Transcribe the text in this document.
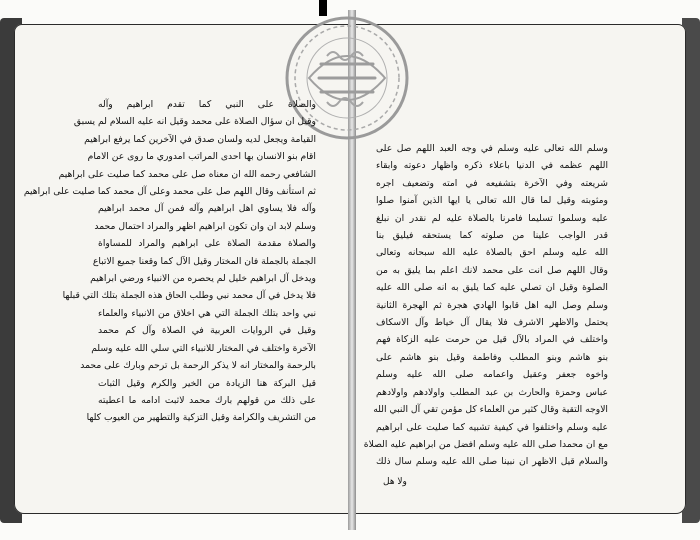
والصلاة على النبي كما تقدم ابراهيم وآله
وقيل ان سؤال الصلاة على محمد وقيل انه عليه السلام لم يسبق
القيامة ويجعل لديه ولسان صدق في الآخرين كما يرفع ابراهيم
اقام بنو الانسان بها احدى المراتب امدوري ما روى عن الامام
الشافعي رحمه الله ان معناه صل على محمد كما صليت على ابراهيم
ثم استأنف وقال اللهم صل على محمد وعلى آل محمد كما صليت على ابراهيم
وآله فلا يساوي اهل ابراهيم وآله فمن آل محمد ابراهيم
وسلم لابد ان وان تكون ابراهيم اظهر والمراد احتمال محمد
والصلاة مقدمة الصلاة على ابراهيم والمراد للمساواة
الجملة بالجملة فان المختار وقيل الآل كما وقعنا جميع الاتباع
ويدخل آل ابراهيم خليل لم يحصره من الانبياء ورضي ابراهيم
فلا يدخل في آل محمد نبي وطلب الحاق هذه الجملة بتلك التي قبلها
نبي واحد بتلك الجملة التي هي اخلاق من الانبياء والعلماء
وقيل في الروايات العربية في الصلاة وآل كم محمد
الآخرة واختلف في المختار للانبياء التي سلي الله عليه وسلم
بالرحمة والمختار انه لا يذكر الرحمة بل ترحم وبارك على محمد
قيل البركة هنا الزيادة من الخير والكرم وقيل الثبات
على ذلك من قولهم بارك محمد لاثبت ادامه ما اعطيته
من التشريف والكرامة وقيل التزكية والتطهير من العيوب كلها
وسلم الله تعالى عليه وسلم في وجه العبد اللهم صل على
اللهم عظمه في الدنيا باعلاء ذكره واظهار دعوته وابقاء
شريعته وفي الآخرة بتشفيعه في امته وتضعيف اجره
ومثوبته وقيل لما قال الله تعالى يا ايها الذين آمنوا صلوا
عليه وسلموا تسليما فامرنا بالصلاة عليه لم نقدر ان نبلغ
قدر الواجب علينا من صلوته كما يستحقه فيليق بنا
الله عليه وسلم احق بالصلاة عليه الله سبحانه وتعالى
وقال اللهم صل انت على محمد لانك اعلم بما يليق به من
الصلوة وقيل ان تصلي عليه كما يليق به انه صلى الله عليه
وسلم وصل اليه اهل قابوا الهادي هجرة ثم الهجرة الثانية
يحتمل والاظهر الاشرف فلا يقال آل خياط وآل الاسكاف
واختلف في المراد بالآل قيل من حرمت عليه الزكاة فهم
بنو هاشم وبنو المطلب وفاطمة وقيل بنو هاشم على
واخوه جعفر وعقيل واعمامه صلى الله عليه وسلم
عباس وحمزة والحارث بن عبد المطلب واولادهم واولادهم
الاوجه التقية وقال كثير من العلماء كل مؤمن تقي آل النبي الله
عليه وسلم واختلفوا في كيفية تشبيه كما صليت على ابراهيم
مع ان محمدا صلى الله عليه وسلم افضل من ابراهيم عليه الصلاة
والسلام قيل الاظهر ان نبينا صلى الله عليه وسلم سال ذلك
ولا هل
